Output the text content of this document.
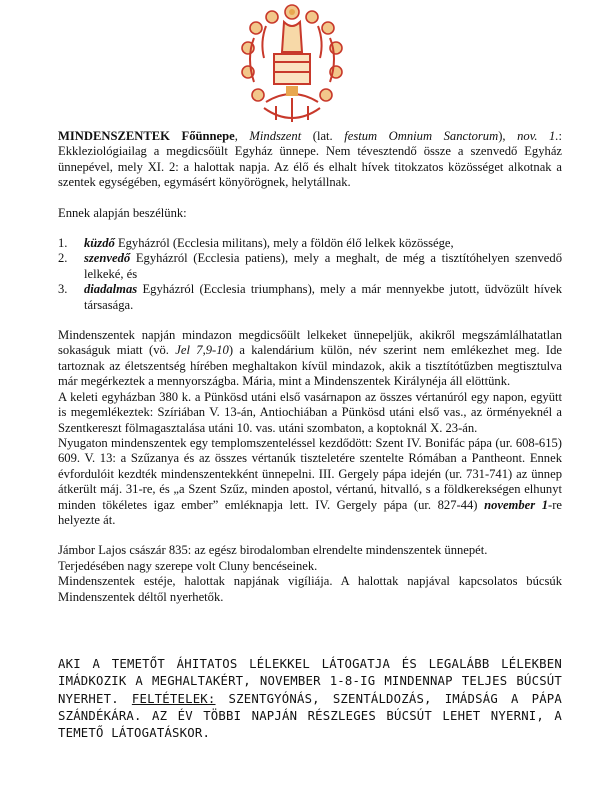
MINDENSZENTEK Főünnepe, Mindszent (lat. festum Omnium Sanctorum), nov. 1.: Ekkleziológiailag a megdicsőült Egyház ünnepe. Nem tévesztendő össze a szenvedő Egyház ünnepével, mely XI. 2: a halottak napja. Az élő és elhalt hívek titokzatos közösséget alkotnak a szentek egységében, egymásért könyörögnek, helytállnak.

Ennek alapján beszélünk:

1. küzdő Egyházról (Ecclesia militans), mely a földön élő lelkek közössége,
2. szenvedő Egyházról (Ecclesia patiens), mely a meghalt, de még a tisztítóhelyen szenvedő lelkeké, és
3. diadalmas Egyházról (Ecclesia triumphans), mely a már mennyekbe jutott, üdvözült hívek társasága.

Mindenszentek napján mindazon megdicsőült lelkeket ünnepeljük, akikről megszámlálhatatlan sokaságuk miatt (vö. Jel 7,9-10) a kalendárium külön, név szerint nem emlékezhet meg. Ide tartoznak az életszentség hírében meghaltakon kívül mindazok, akik a tisztítótűzben megtisztulva már megérkeztek a mennyországba. Mária, mint a Mindenszentek Királynéja áll elöttünk.

A keleti egyházban 380 k. a Pünkösd utáni első vasárnapon az összes vértanúról egy napon, együtt is megemlékeztek: Szíriában V. 13-án, Antiochiában a Pünkösd utáni első vas., az örményeknél a Szentkereszt fölmagasztalása utáni 10. vas. utáni szombaton, a koptoknál X. 23-án.

Nyugaton mindenszentek egy templomszenteléssel kezdődött: Szent IV. Bonifác pápa (ur. 608-615) 609. V. 13: a Szűzanya és az összes vértanúk tiszteletére szentelte Rómában a Pantheont. Ennek évfordulóit kezdték mindenszentekként ünnepelni. III. Gergely pápa idején (ur. 731-741) az ünnep átkerült máj. 31-re, és „a Szent Szűz, minden apostol, vértanú, hitvalló, s a földkerekségen elhunyt minden tökéletes igaz ember” emléknapja lett. IV. Gergely pápa (ur. 827-44) november 1-re helyezte át.

Jámbor Lajos császár 835: az egész birodalomban elrendelte mindenszentek ünnepét.

Terjedésében nagy szerepe volt Cluny bencéseinek.

Mindenszentek estéje, halottak napjának vigíliája. A halottak napjával kapcsolatos búcsúk Mindenszentek déltől nyerhetők.

AKI A TEMETŐT ÁHITATOS LÉLEKKEL LÁTOGATJA ÉS LEGALÁBB LÉLEKBEN IMÁDKOZIK A MEGHALTAKÉRT, NOVEMBER 1-8-IG MINDENNAP TELJES BÚCSÚT NYERHET. FELTÉTELEK: SZENTGYÓNÁS, SZENTÁLDOZÁS, IMÁDSÁG A PÁPA SZÁNDÉKÁRA. AZ ÉV TÖBBI NAPJÁN RÉSZLEGES BÚCSÚT LEHET NYERNI, A TEMETŐ LÁTOGATÁSKOR.
